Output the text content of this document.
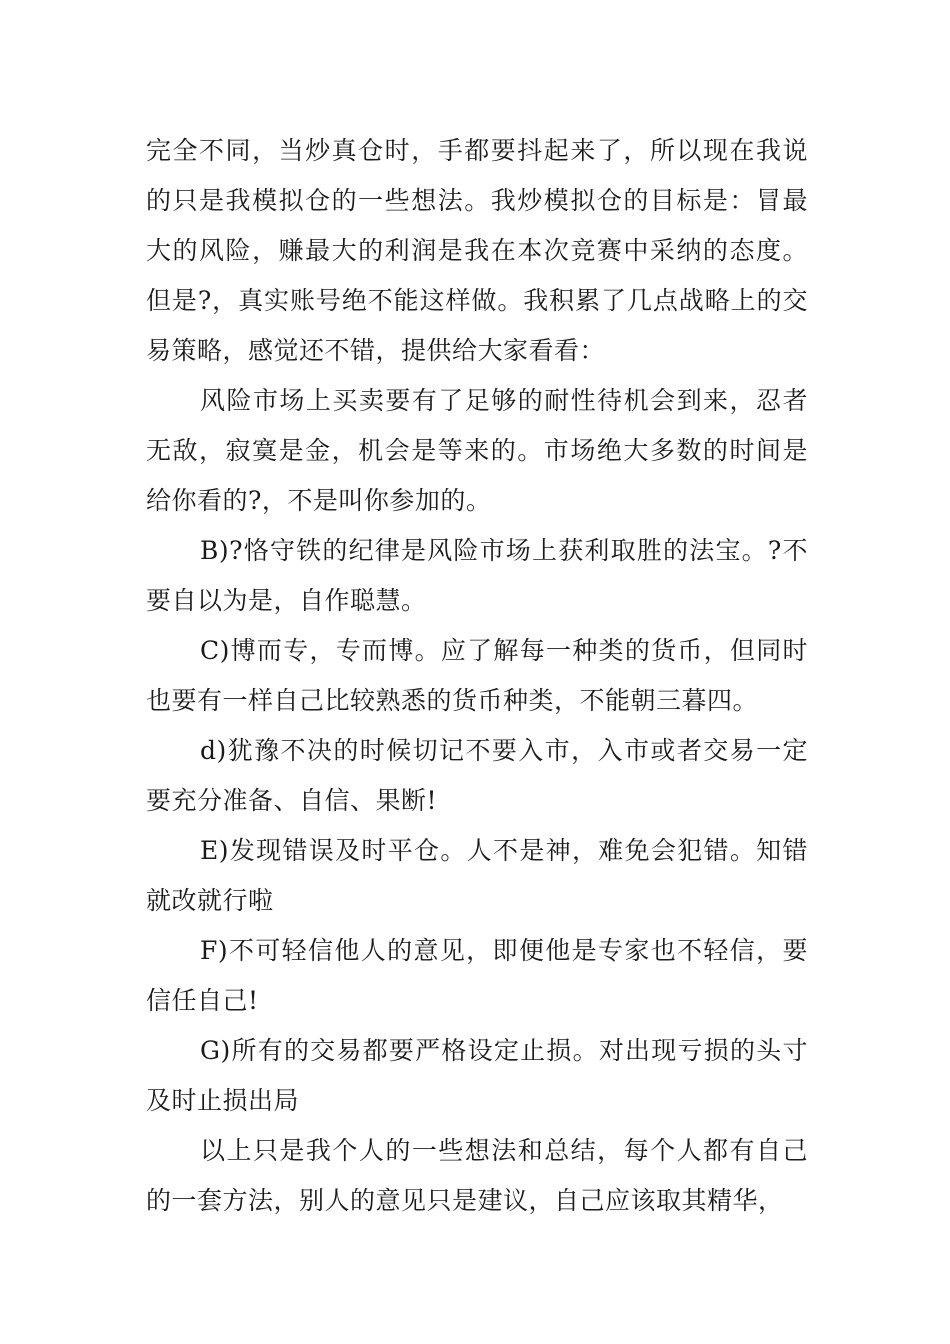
完全不同，当炒真仓时，手都要抖起来了，所以现在我说的只是我模拟仓的一些想法。我炒模拟仓的目标是：冒最大的风险，赚最大的利润是我在本次竞赛中采纳的态度。但是?，真实账号绝不能这样做。我积累了几点战略上的交易策略，感觉还不错，提供给大家看看：

风险市场上买卖要有了足够的耐性待机会到来，忍者无敌，寂寞是金，机会是等来的。市场绝大多数的时间是给你看的?，不是叫你参加的。

B)?恪守铁的纪律是风险市场上获利取胜的法宝。?不要自以为是，自作聪慧。

C)博而专，专而博。应了解每一种类的货币，但同时也要有一样自己比较熟悉的货币种类，不能朝三暮四。

d)犹豫不决的时候切记不要入市，入市或者交易一定要充分准备、自信、果断!

E)发现错误及时平仓。人不是神，难免会犯错。知错就改就行啦

F)不可轻信他人的意见，即便他是专家也不轻信，要信任自己!

G)所有的交易都要严格设定止损。对出现亏损的头寸及时止损出局

以上只是我个人的一些想法和总结，每个人都有自己的一套方法，别人的意见只是建议，自己应该取其精华，
